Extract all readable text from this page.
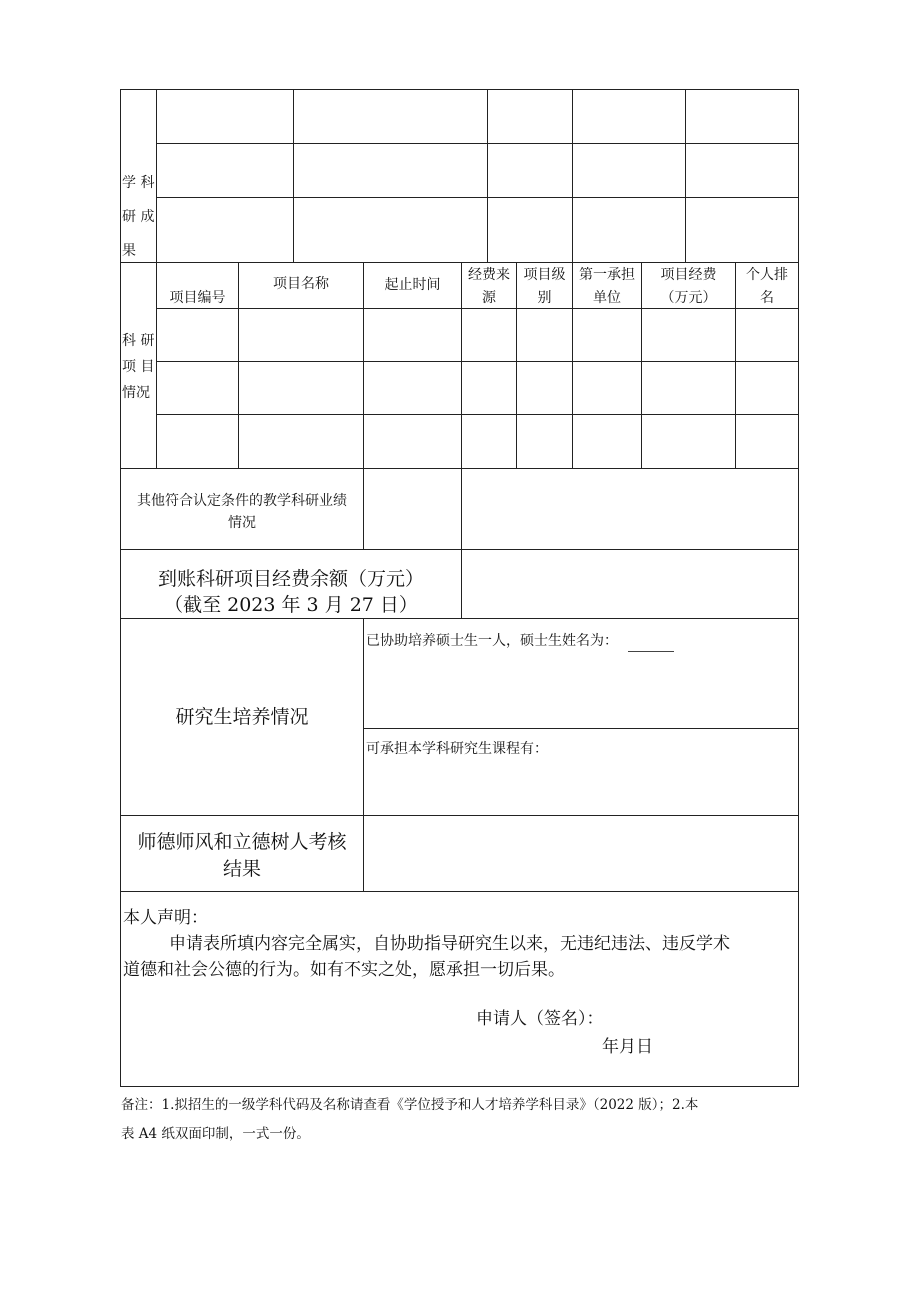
学 科
研 成
果
科 研
项 目
情况
项目编号
项目名称	起止时间
经费来
源
项目级
别
第一承担
单位
项目经费
（万元）
个人排
名
其他符合认定条件的教学科研业绩
情况
到账科研项目经费余额（万元）
（截至 2023 年 3 月 27 日）
研究生培养情况
已协助培养硕士生一人，硕士生姓名为：
可承担本学科研究生课程有：
师德师风和立德树人考核
结果
本人声明：
申请表所填内容完全属实，自协助指导研究生以来，无违纪违法、违反学术
道德和社会公德的行为。如有不实之处，愿承担一切后果。
申请人（签名）：
年月日
备注：1.拟招生的一级学科代码及名称请查看《学位授予和人才培养学科目录》（2022 版）；2.本
表 A4 纸双面印制，一式一份。
